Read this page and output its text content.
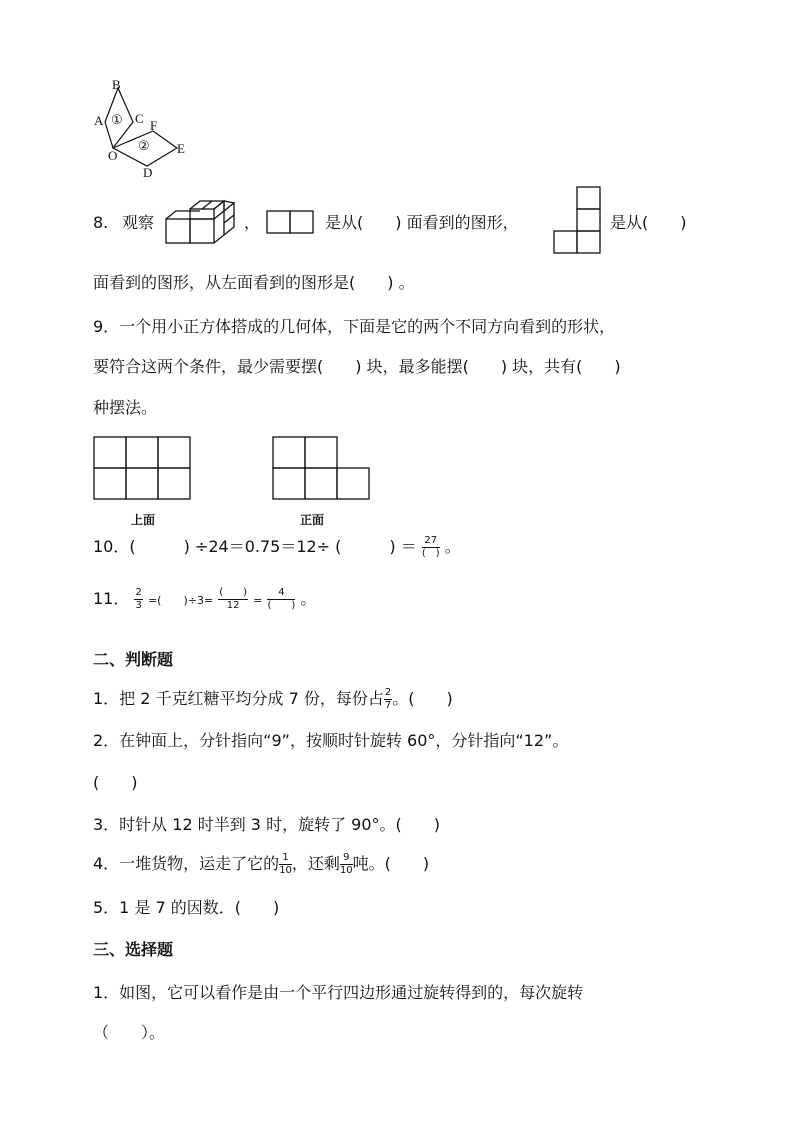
B
A ① C F
②
O	E
D
8. 观察	，	是从(　　) 面看到的图形，	是从(　　)
面看到的图形，从左面看到的图形是(　　) 。
9．一个用小正方体搭成的几何体，下面是它的两个不同方向看到的形状，
要符合这两个条件，最少需要摆(　　) 块，最多能摆(　　) 块，共有(　　)
种摆法。
上面	正面
10．(　　　) ÷24＝0.75＝12÷ (　　　) ＝ $\frac{27}{( )}$ 。
11． $\frac{2}{3}$ =(　　)$\div 3= \frac{( )}{12} = \frac{4}{( )}$ 。
二、判断题
1．把 2 千克红糖平均分成 7 份，每份占 $\frac{2}{7}$ 。(　　)
2．在钟面上，分针指向“9”，按顺时针旋转 60°，分针指向“12”。
(　　)
3．时针从 12 时半到 3 时，旋转了 90°。(　　)
4．一堆货物，运走了它的 $\frac{1}{10}$ ，还剩 $\frac{9}{10}$ 吨。(　　)
5．1 是 7 的因数．(　　)
三、选择题
1．如图，它可以看作是由一个平行四边形通过旋转得到的，每次旋转
（　　）。
